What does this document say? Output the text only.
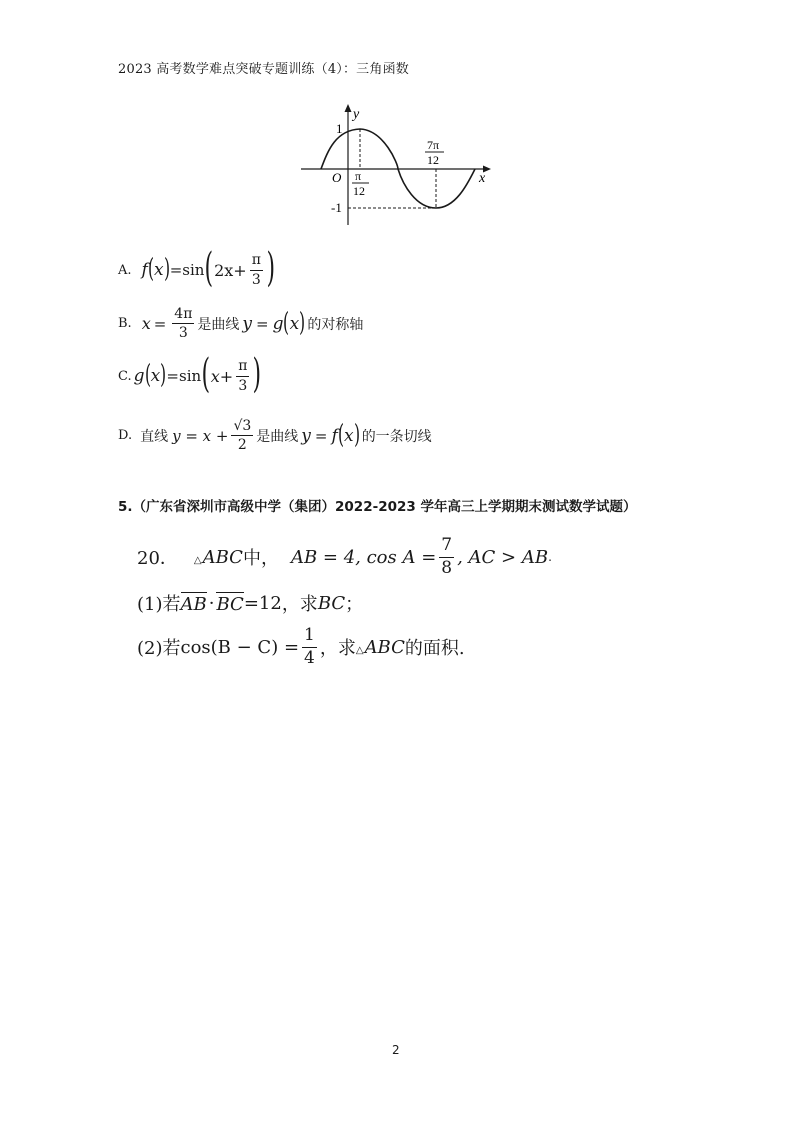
2023 高考数学难点突破专题训练（4）：三角函数
y
x
O
1
-1
π
12
7π
12
A. f ( x ) =sin ( $2x+ \frac{\pi}{3}$ )
B. $x = \frac{4\pi}{3}$ 是曲线 y = g ( x ) 的对称轴
C. g ( x ) =sin ( $x+ \frac{\pi}{3}$ )
D. 直线 $y = x + \frac{√3}{2}$ 是曲线 y = f ( x ) 的一条切线
5.（广东省深圳市高级中学（集团）2022-2023 学年高三上学期期末测试数学试题）
20． △ ABC 中， AB = 4, $\cos A = \frac{7}{8}$ , AC > AB .
(1)若 AB · BC =12 ，求 BC ；
(2)若 $\cos(B - C) = \frac{1}{4}$ ，求 △ ABC 的面积.
2
